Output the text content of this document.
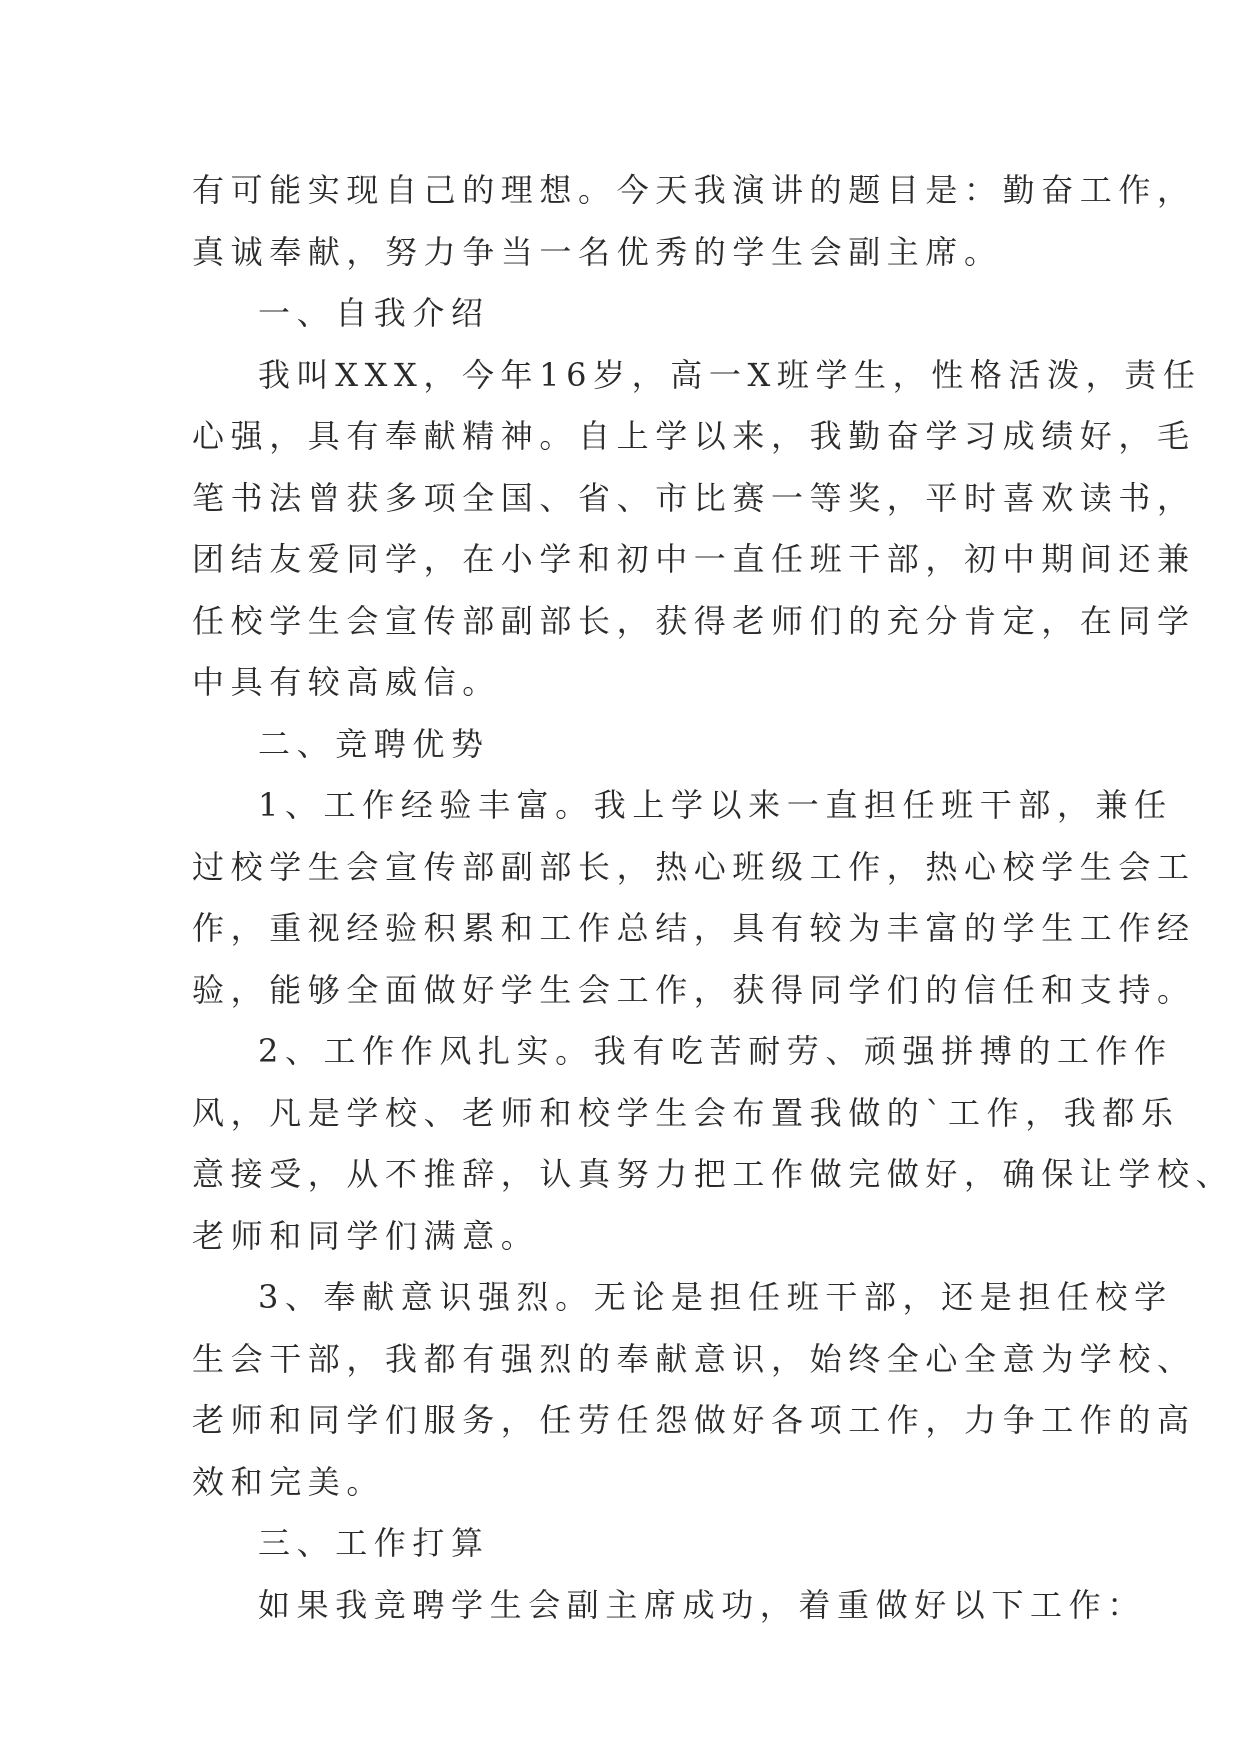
有可能实现自己的理想。今天我演讲的题目是：勤奋工作，
真诚奉献，努力争当一名优秀的学生会副主席。
一、自我介绍
我叫XXX，今年16岁，高一X班学生，性格活泼，责任
心强，具有奉献精神。自上学以来，我勤奋学习成绩好，毛
笔书法曾获多项全国、省、市比赛一等奖，平时喜欢读书，
团结友爱同学，在小学和初中一直任班干部，初中期间还兼
任校学生会宣传部副部长，获得老师们的充分肯定，在同学
中具有较高威信。
二、竞聘优势
1、工作经验丰富。我上学以来一直担任班干部，兼任
过校学生会宣传部副部长，热心班级工作，热心校学生会工
作，重视经验积累和工作总结，具有较为丰富的学生工作经
验，能够全面做好学生会工作，获得同学们的信任和支持。
2、工作作风扎实。我有吃苦耐劳、顽强拼搏的工作作
风，凡是学校、老师和校学生会布置我做的`工作，我都乐
意接受，从不推辞，认真努力把工作做完做好，确保让学校、
老师和同学们满意。
3、奉献意识强烈。无论是担任班干部，还是担任校学
生会干部，我都有强烈的奉献意识，始终全心全意为学校、
老师和同学们服务，任劳任怨做好各项工作，力争工作的高
效和完美。
三、工作打算
如果我竞聘学生会副主席成功，着重做好以下工作：
